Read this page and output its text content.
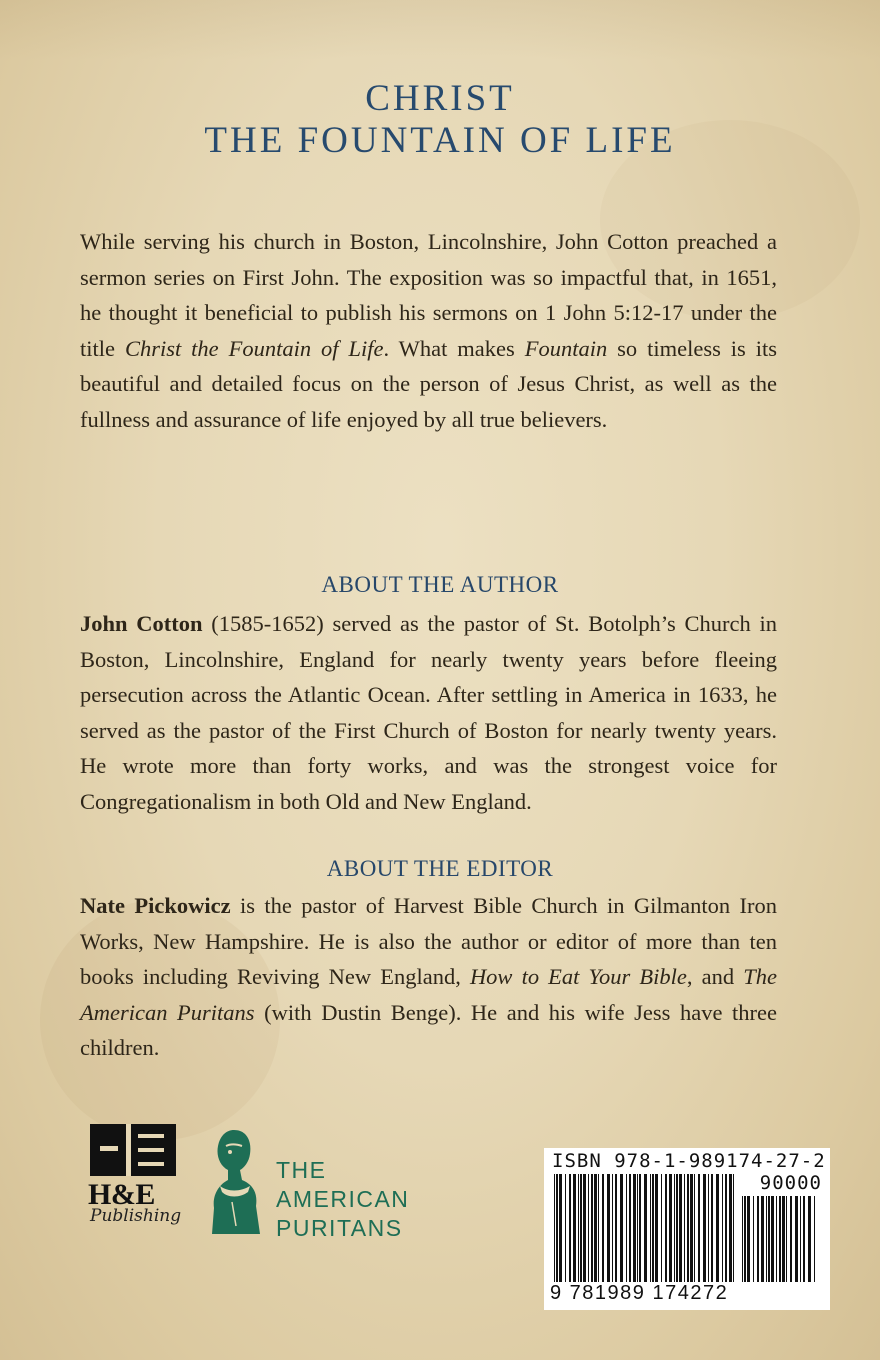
CHRIST
THE FOUNTAIN OF LIFE
While serving his church in Boston, Lincolnshire, John Cotton preached a sermon series on First John. The exposition was so impactful that, in 1651, he thought it beneficial to publish his sermons on 1 John 5:12-17 under the title Christ the Fountain of Life. What makes Fountain so timeless is its beautiful and detailed focus on the person of Jesus Christ, as well as the fullness and assurance of life enjoyed by all true believers.
ABOUT THE AUTHOR
John Cotton (1585-1652) served as the pastor of St. Botolph’s Church in Boston, Lincolnshire, England for nearly twenty years before fleeing persecution across the Atlantic Ocean. After settling in America in 1633, he served as the pastor of the First Church of Boston for nearly twenty years. He wrote more than forty works, and was the strongest voice for Congregationalism in both Old and New England.
ABOUT THE EDITOR
Nate Pickowicz is the pastor of Harvest Bible Church in Gilmanton Iron Works, New Hampshire. He is also the author or editor of more than ten books including Reviving New England, How to Eat Your Bible, and The American Puritans (with Dustin Benge). He and his wife Jess have three children.
H&E
Publishing
THE
AMERICAN
PURITANS
ISBN 978-1-989174-27-2
90000
9 781989 174272
